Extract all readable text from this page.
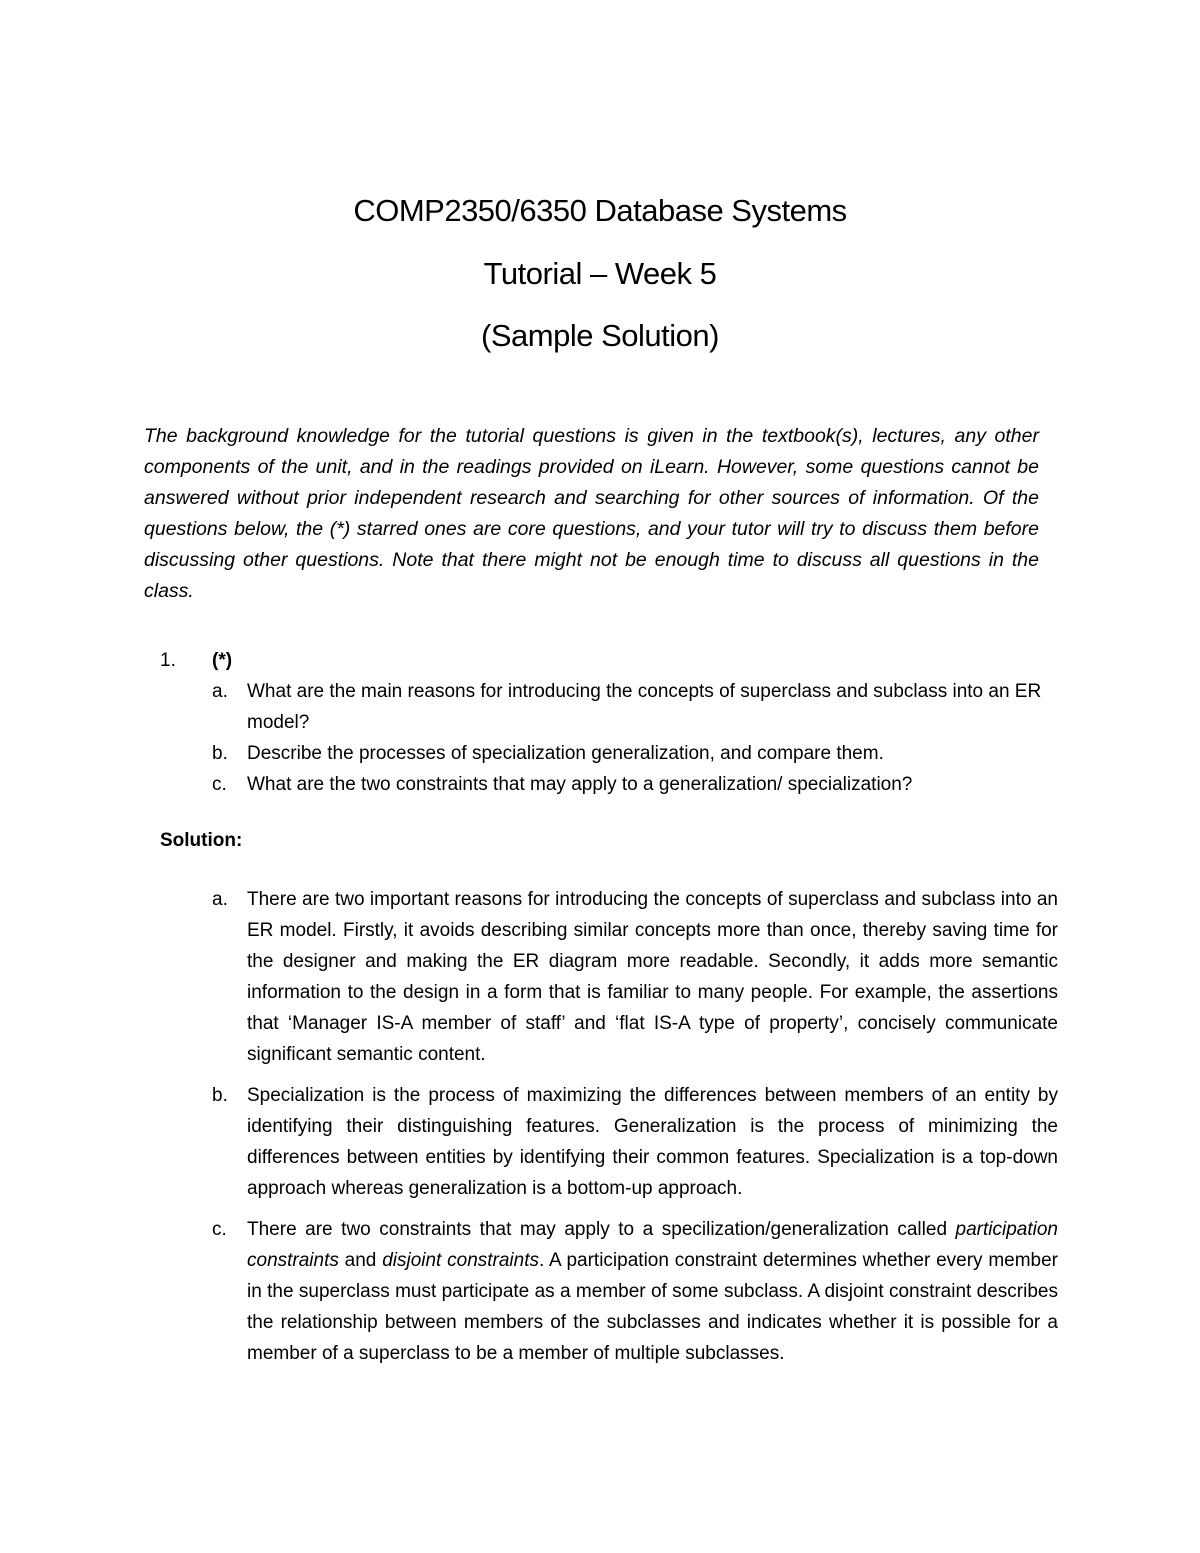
COMP2350/6350 Database Systems
Tutorial – Week 5
(Sample Solution)
The background knowledge for the tutorial questions is given in the textbook(s), lectures, any other components of the unit, and in the readings provided on iLearn. However, some questions cannot be answered without prior independent research and searching for other sources of information. Of the questions below, the (*) starred ones are core questions, and your tutor will try to discuss them before discussing other questions. Note that there might not be enough time to discuss all questions in the class.
1. (*)
a. What are the main reasons for introducing the concepts of superclass and subclass into an ER model?
b. Describe the processes of specialization generalization, and compare them.
c. What are the two constraints that may apply to a generalization/ specialization?
Solution:
a. There are two important reasons for introducing the concepts of superclass and subclass into an ER model. Firstly, it avoids describing similar concepts more than once, thereby saving time for the designer and making the ER diagram more readable. Secondly, it adds more semantic information to the design in a form that is familiar to many people. For example, the assertions that ‘Manager IS-A member of staff’ and ‘flat IS-A type of property’, concisely communicate significant semantic content.
b. Specialization is the process of maximizing the differences between members of an entity by identifying their distinguishing features. Generalization is the process of minimizing the differences between entities by identifying their common features. Specialization is a top-down approach whereas generalization is a bottom-up approach.
c. There are two constraints that may apply to a specilization/generalization called participation constraints and disjoint constraints. A participation constraint determines whether every member in the superclass must participate as a member of some subclass. A disjoint constraint describes the relationship between members of the subclasses and indicates whether it is possible for a member of a superclass to be a member of multiple subclasses.
